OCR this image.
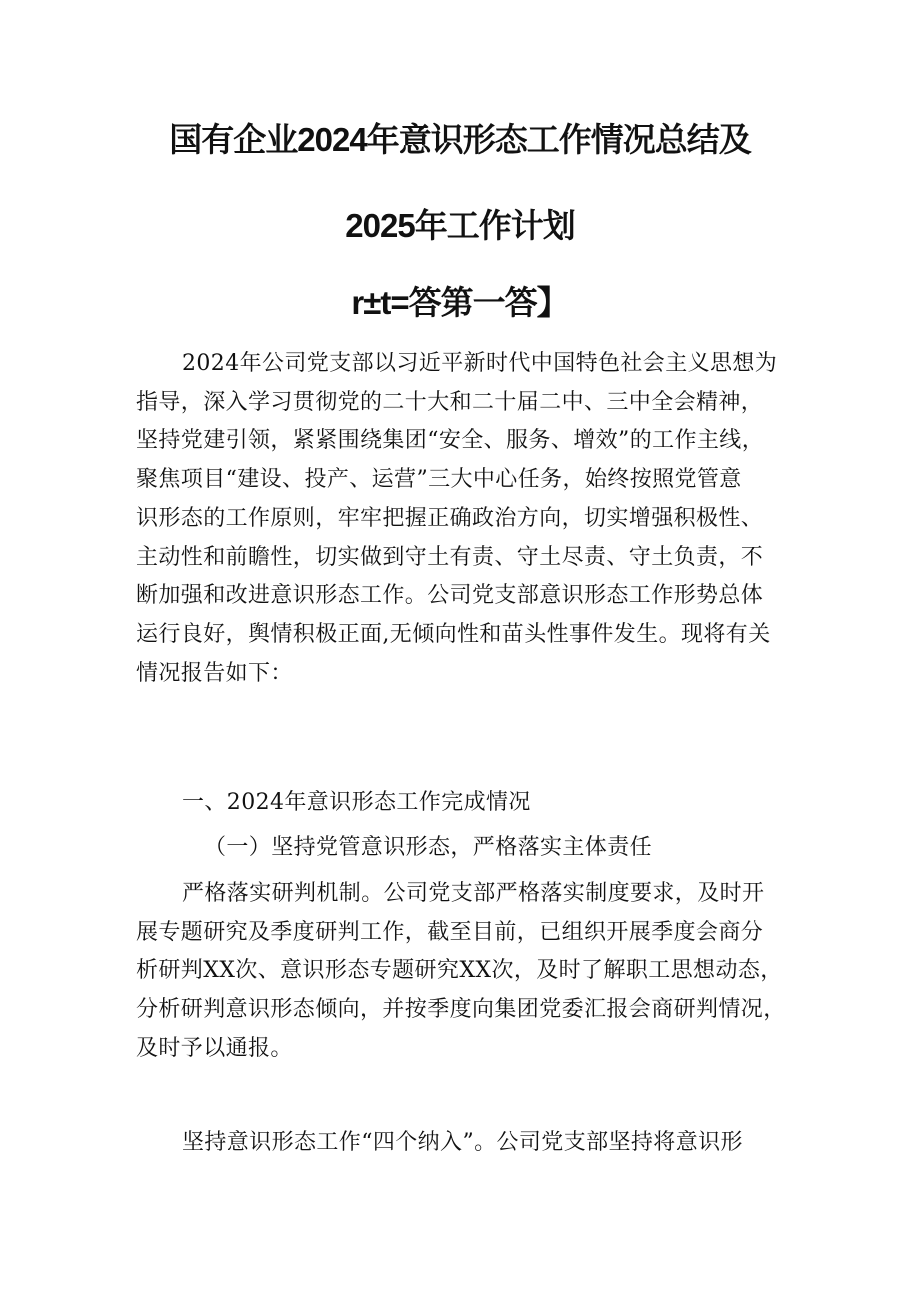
国有企业2024年意识形态工作情况总结及
2025年工作计划
r±t=答第一答】
2024年公司党支部以习近平新时代中国特色社会主义思想为
指导，深入学习贯彻党的二十大和二十届二中、三中全会精神，
坚持党建引领，紧紧围绕集团“安全、服务、增效”的工作主线，
聚焦项目“建设、投产、运营”三大中心任务，始终按照党管意
识形态的工作原则，牢牢把握正确政治方向，切实增强积极性、
主动性和前瞻性，切实做到守土有责、守土尽责、守土负责，不
断加强和改进意识形态工作。公司党支部意识形态工作形势总体
运行良好，舆情积极正面,无倾向性和苗头性事件发生。现将有关
情况报告如下：
一、2024年意识形态工作完成情况
（一）坚持党管意识形态，严格落实主体责任
严格落实研判机制。公司党支部严格落实制度要求，及时开
展专题研究及季度研判工作，截至目前，已组织开展季度会商分
析研判XX次、意识形态专题研究XX次，及时了解职工思想动态，
分析研判意识形态倾向，并按季度向集团党委汇报会商研判情况，
及时予以通报。
坚持意识形态工作“四个纳入”。公司党支部坚持将意识形
